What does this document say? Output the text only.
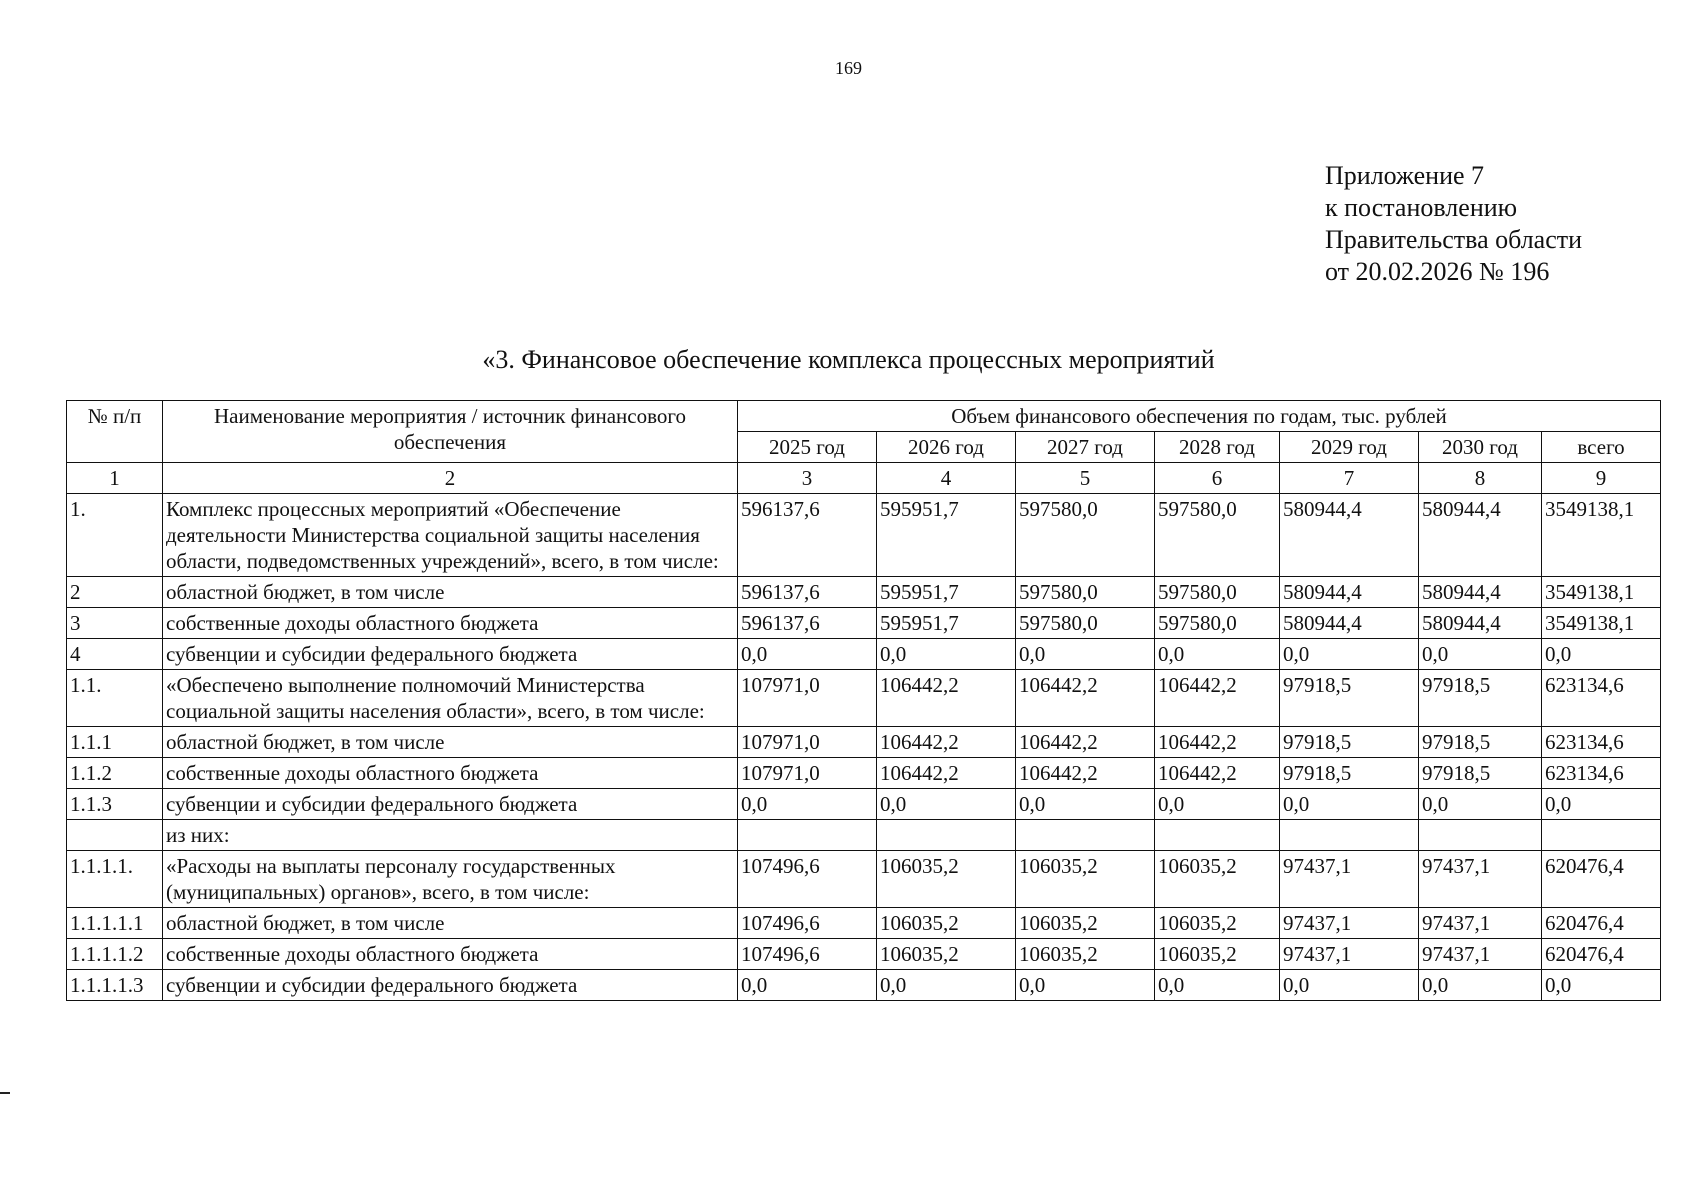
169
Приложение 7
к постановлению
Правительства области
от 20.02.2026 № 196
«3. Финансовое обеспечение комплекса процессных мероприятий
№ п/п	Наименование мероприятия / источник финансового обеспечения	Объем финансового обеспечения по годам, тыс. рублей						
		2025 год	2026 год	2027 год	2028 год	2029 год	2030 год	всего
1	2	3	4	5	6	7	8	9
1.	Комплекс процессных мероприятий «Обеспечение деятельности Министерства социальной защиты населения области, подведомственных учреждений», всего, в том числе:	596137,6	595951,7	597580,0	597580,0	580944,4	580944,4	3549138,1
2	областной бюджет, в том числе	596137,6	595951,7	597580,0	597580,0	580944,4	580944,4	3549138,1
3	собственные доходы областного бюджета	596137,6	595951,7	597580,0	597580,0	580944,4	580944,4	3549138,1
4	субвенции и субсидии федерального бюджета	0,0	0,0	0,0	0,0	0,0	0,0	0,0
1.1.	«Обеспечено выполнение полномочий Министерства социальной защиты населения области», всего, в том числе:	107971,0	106442,2	106442,2	106442,2	97918,5	97918,5	623134,6
1.1.1	областной бюджет, в том числе	107971,0	106442,2	106442,2	106442,2	97918,5	97918,5	623134,6
1.1.2	собственные доходы областного бюджета	107971,0	106442,2	106442,2	106442,2	97918,5	97918,5	623134,6
1.1.3	субвенции и субсидии федерального бюджета	0,0	0,0	0,0	0,0	0,0	0,0	0,0
	из них:							
1.1.1.1.	«Расходы на выплаты персоналу государственных (муниципальных) органов», всего, в том числе:	107496,6	106035,2	106035,2	106035,2	97437,1	97437,1	620476,4
1.1.1.1.1	областной бюджет, в том числе	107496,6	106035,2	106035,2	106035,2	97437,1	97437,1	620476,4
1.1.1.1.2	собственные доходы областного бюджета	107496,6	106035,2	106035,2	106035,2	97437,1	97437,1	620476,4
1.1.1.1.3	субвенции и субсидии федерального бюджета	0,0	0,0	0,0	0,0	0,0	0,0	0,0
